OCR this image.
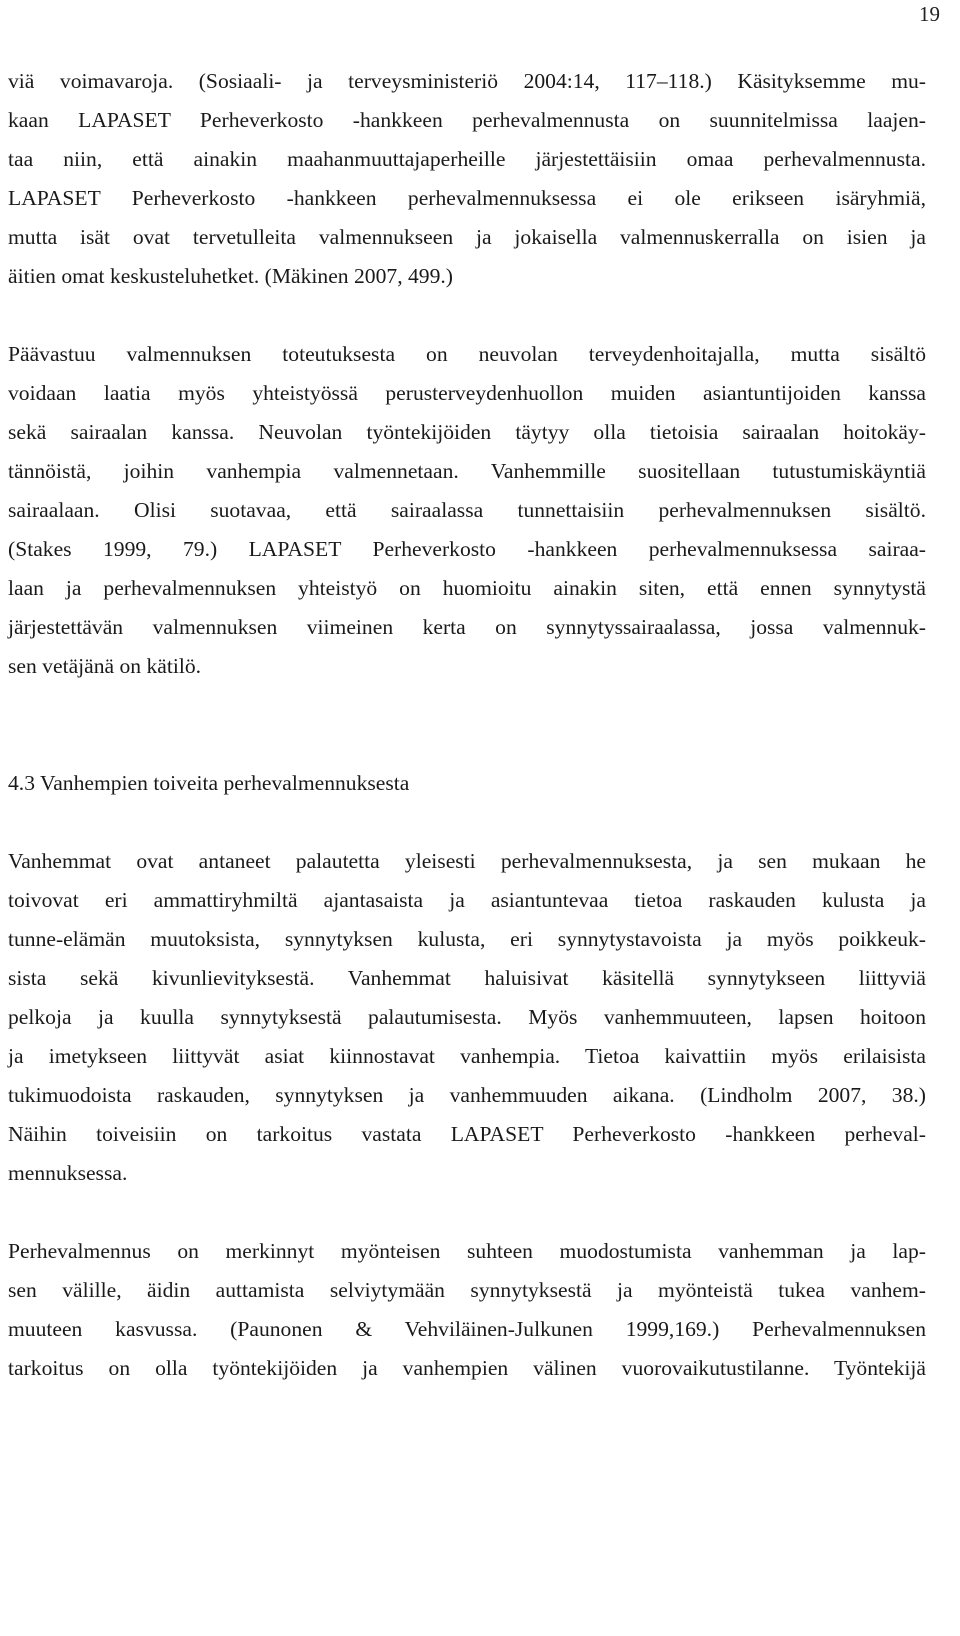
19
viä voimavaroja. (Sosiaali- ja terveysministeriö 2004:14, 117–118.) Käsityksemme mu-
kaan LAPASET Perheverkosto -hankkeen perhevalmennusta on suunnitelmissa laajen-
taa niin, että ainakin maahanmuuttajaperheille järjestettäisiin omaa perhevalmennusta.
LAPASET Perheverkosto -hankkeen perhevalmennuksessa ei ole erikseen isäryhmiä,
mutta isät ovat tervetulleita valmennukseen ja jokaisella valmennuskerralla on isien ja
äitien omat keskusteluhetket. (Mäkinen 2007, 499.)
Päävastuu valmennuksen toteutuksesta on neuvolan terveydenhoitajalla, mutta sisältö
voidaan laatia myös yhteistyössä perusterveydenhuollon muiden asiantuntijoiden kanssa
sekä sairaalan kanssa. Neuvolan työntekijöiden täytyy olla tietoisia sairaalan hoitokäy-
tännöistä, joihin vanhempia valmennetaan. Vanhemmille suositellaan tutustumiskäyntiä
sairaalaan. Olisi suotavaa, että sairaalassa tunnettaisiin perhevalmennuksen sisältö.
(Stakes 1999, 79.) LAPASET Perheverkosto -hankkeen perhevalmennuksessa sairaa-
laan ja perhevalmennuksen yhteistyö on huomioitu ainakin siten, että ennen synnytystä
järjestettävän valmennuksen viimeinen kerta on synnytyssairaalassa, jossa valmennuk-
sen vetäjänä on kätilö.
4.3 Vanhempien toiveita perhevalmennuksesta
Vanhemmat ovat antaneet palautetta yleisesti perhevalmennuksesta, ja sen mukaan he
toivovat eri ammattiryhmiltä ajantasaista ja asiantuntevaa tietoa raskauden kulusta ja
tunne-elämän muutoksista, synnytyksen kulusta, eri synnytystavoista ja myös poikkeuk-
sista sekä kivunlievityksestä. Vanhemmat haluisivat käsitellä synnytykseen liittyviä
pelkoja ja kuulla synnytyksestä palautumisesta. Myös vanhemmuuteen, lapsen hoitoon
ja imetykseen liittyvät asiat kiinnostavat vanhempia. Tietoa kaivattiin myös erilaisista
tukimuodoista raskauden, synnytyksen ja vanhemmuuden aikana. (Lindholm 2007, 38.)
Näihin toiveisiin on tarkoitus vastata LAPASET Perheverkosto -hankkeen perheval-
mennuksessa.
Perhevalmennus on merkinnyt myönteisen suhteen muodostumista vanhemman ja lap-
sen välille, äidin auttamista selviytymään synnytyksestä ja myönteistä tukea vanhem-
muuteen kasvussa. (Paunonen & Vehviläinen-Julkunen 1999,169.) Perhevalmennuksen
tarkoitus on olla työntekijöiden ja vanhempien välinen vuorovaikutustilanne. Työntekijä
